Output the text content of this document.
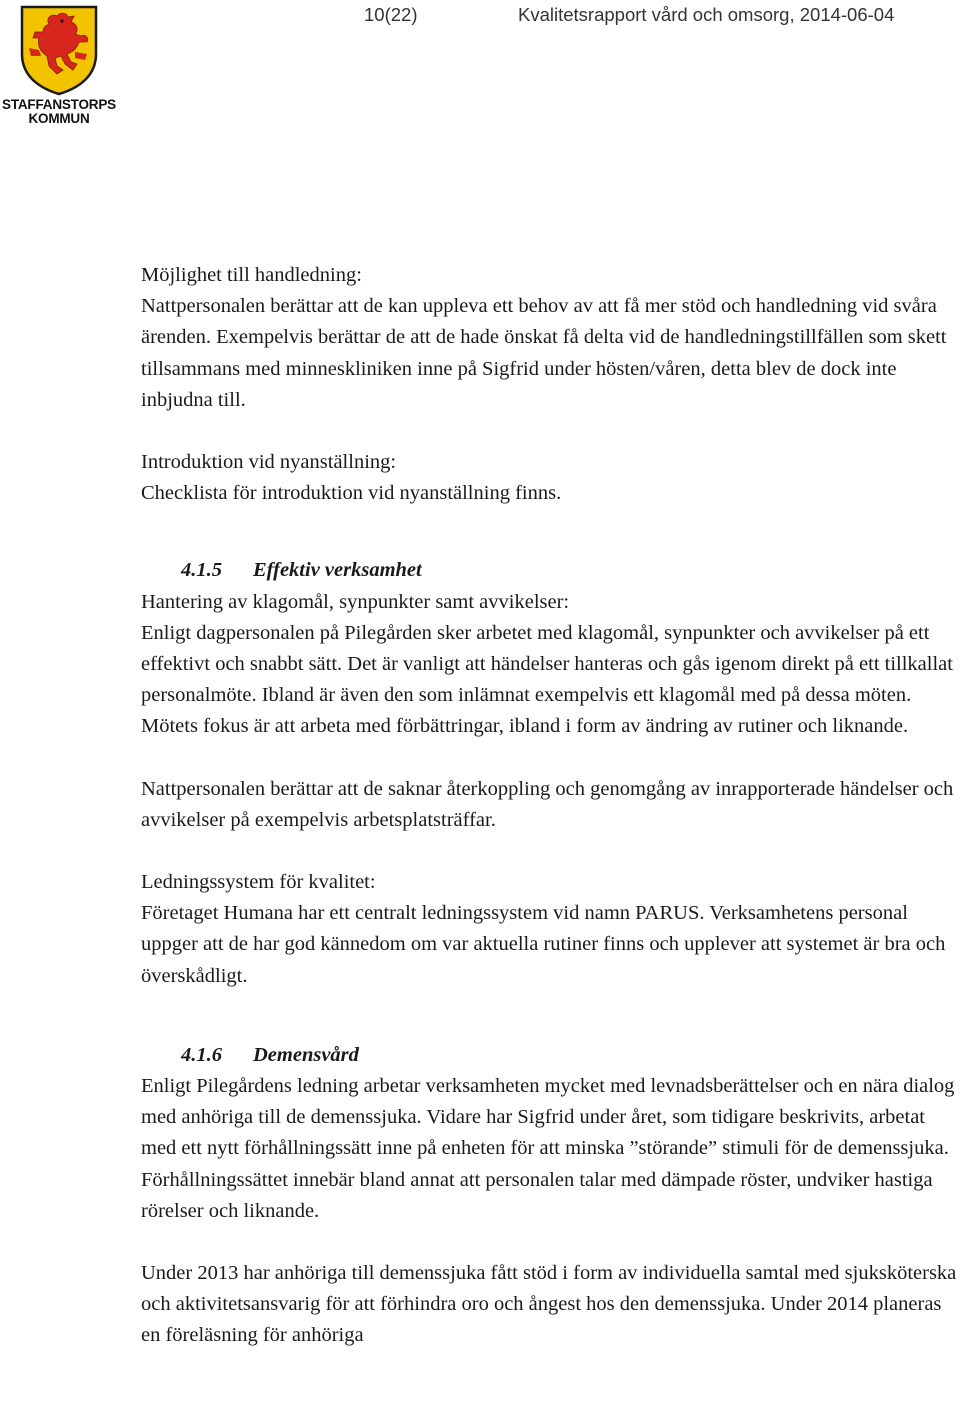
STAFFANSTORPS
KOMMUN
10(22)	Kvalitetsrapport vård och omsorg, 2014-06-04

Möjlighet till handledning:

Nattpersonalen berättar att de kan uppleva ett behov av att få mer stöd och handledning vid svåra ärenden. Exempelvis berättar de att de hade önskat få delta vid de handledningstillfällen som skett tillsammans med minneskliniken inne på Sigfrid under hösten/våren, detta blev de dock inte inbjudna till.

Introduktion vid nyanställning:

Checklista för introduktion vid nyanställning finns.

4.1.5 Effektiv verksamhet

Hantering av klagomål, synpunkter samt avvikelser:

Enligt dagpersonalen på Pilegården sker arbetet med klagomål, synpunkter och avvikelser på ett effektivt och snabbt sätt. Det är vanligt att händelser hanteras och gås igenom direkt på ett tillkallat personalmöte. Ibland är även den som inlämnat exempelvis ett klagomål med på dessa möten. Mötets fokus är att arbeta med förbättringar, ibland i form av ändring av rutiner och liknande.

Nattpersonalen berättar att de saknar återkoppling och genomgång av inrapporterade händelser och avvikelser på exempelvis arbetsplatsträffar.

Ledningssystem för kvalitet:

Företaget Humana har ett centralt ledningssystem vid namn PARUS. Verksamhetens personal uppger att de har god kännedom om var aktuella rutiner finns och upplever att systemet är bra och överskådligt.

4.1.6 Demensvård

Enligt Pilegårdens ledning arbetar verksamheten mycket med levnadsberättelser och en nära dialog med anhöriga till de demenssjuka. Vidare har Sigfrid under året, som tidigare beskrivits, arbetat med ett nytt förhållningssätt inne på enheten för att minska ”störande” stimuli för de demenssjuka. Förhållningssättet innebär bland annat att personalen talar med dämpade röster, undviker hastiga rörelser och liknande.

Under 2013 har anhöriga till demenssjuka fått stöd i form av individuella samtal med sjuksköterska och aktivitetsansvarig för att förhindra oro och ångest hos den demenssjuka. Under 2014 planeras en föreläsning för anhöriga
